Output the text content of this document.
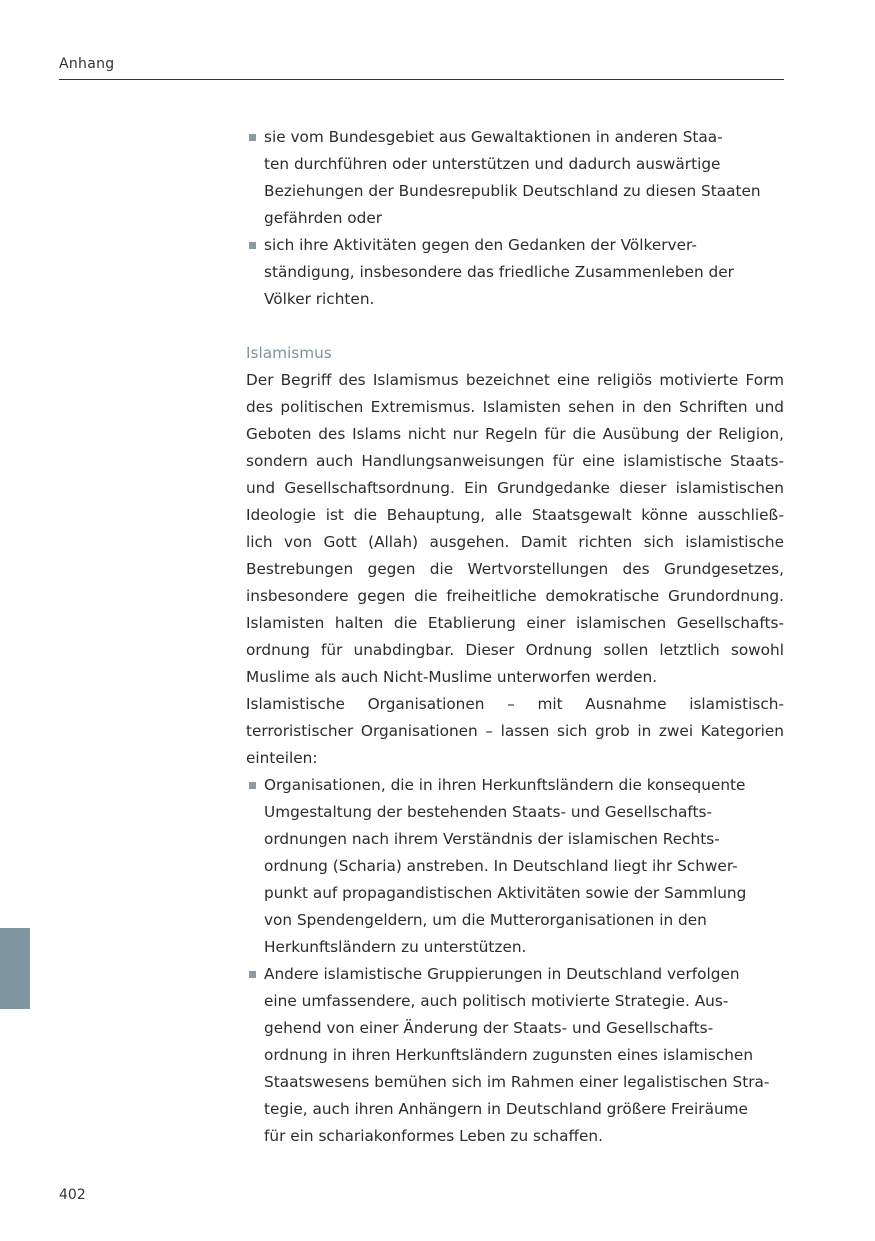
Anhang
sie vom Bundesgebiet aus Gewaltaktionen in anderen Staa-
ten durchführen oder unterstützen und dadurch auswärtige
Beziehungen der Bundesrepublik Deutschland zu diesen Staaten
gefährden oder
sich ihre Aktivitäten gegen den Gedanken der Völkerver-
ständigung, insbesondere das friedliche Zusammenleben der
Völker richten.
Islamismus

Der Begriff des Islamismus bezeichnet eine religiös motivierte Form
des politischen Extremismus. Islamisten sehen in den Schriften und
Geboten des Islams nicht nur Regeln für die Ausübung der Religion,
sondern auch Handlungsanweisungen für eine islamistische Staats-
und Gesellschaftsordnung. Ein Grundgedanke dieser islamistischen
Ideologie ist die Behauptung, alle Staatsgewalt könne ausschließ-
lich von Gott (Allah) ausgehen. Damit richten sich islamistische
Bestrebungen gegen die Wertvorstellungen des Grundgesetzes,
insbesondere gegen die freiheitliche demokratische Grundordnung.
Islamisten halten die Etablierung einer islamischen Gesellschafts-
ordnung für unabdingbar. Dieser Ordnung sollen letztlich sowohl
Muslime als auch Nicht-Muslime unterworfen werden.

Islamistische Organisationen – mit Ausnahme islamistisch-
terroristischer Organisationen – lassen sich grob in zwei Kategorien
einteilen:

Organisationen, die in ihren Herkunftsländern die konsequente
Umgestaltung der bestehenden Staats- und Gesellschafts-
ordnungen nach ihrem Verständnis der islamischen Rechts-
ordnung (Scharia) anstreben. In Deutschland liegt ihr Schwer-
punkt auf propagandistischen Aktivitäten sowie der Sammlung
von Spendengeldern, um die Mutterorganisationen in den
Herkunftsländern zu unterstützen.
Andere islamistische Gruppierungen in Deutschland verfolgen
eine umfassendere, auch politisch motivierte Strategie. Aus-
gehend von einer Änderung der Staats- und Gesellschafts-
ordnung in ihren Herkunftsländern zugunsten eines islamischen
Staatswesens bemühen sich im Rahmen einer legalistischen Stra-
tegie, auch ihren Anhängern in Deutschland größere Freiräume
für ein schariakonformes Leben zu schaffen.
402
